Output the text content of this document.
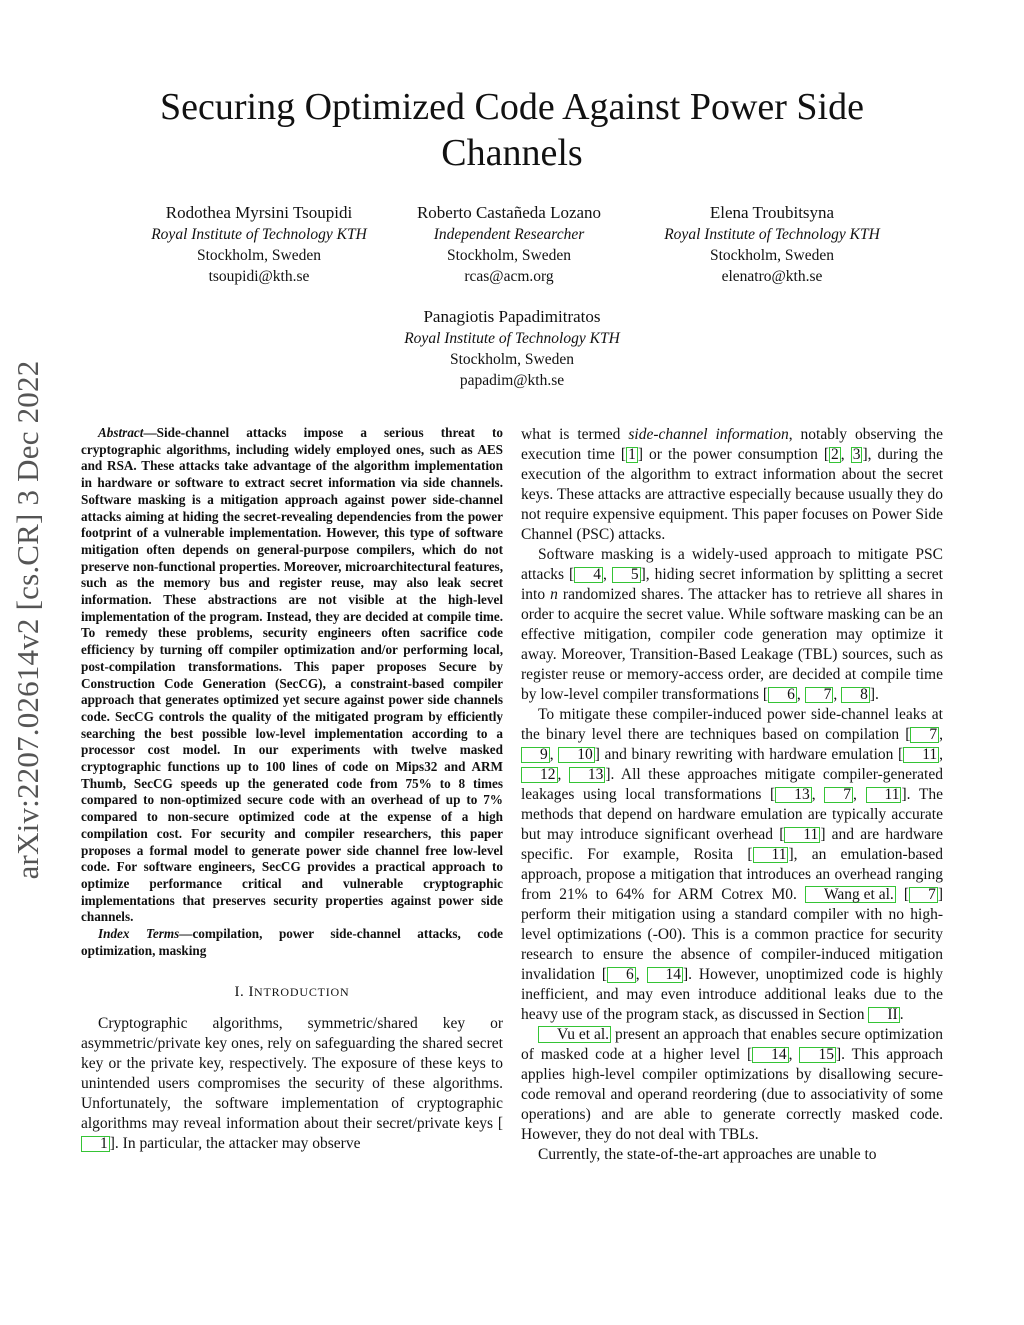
arXiv:2207.02614v2 [cs.CR] 3 Dec 2022
Securing Optimized Code Against Power Side Channels
Rodothea Myrsini Tsoupidi
Royal Institute of Technology KTH
Stockholm, Sweden
tsoupidi@kth.se
Roberto Castañeda Lozano
Independent Researcher
Stockholm, Sweden
rcas@acm.org
Elena Troubitsyna
Royal Institute of Technology KTH
Stockholm, Sweden
elenatro@kth.se
Panagiotis Papadimitratos
Royal Institute of Technology KTH
Stockholm, Sweden
papadim@kth.se

Abstract—Side-channel attacks impose a serious threat to cryptographic algorithms, including widely employed ones, such as AES and RSA. These attacks take advantage of the algorithm implementation in hardware or software to extract secret information via side channels. Software masking is a mitigation approach against power side-channel attacks aiming at hiding the secret-revealing dependencies from the power footprint of a vulnerable implementation. However, this type of software mitigation often depends on general-purpose compilers, which do not preserve non-functional properties. Moreover, microarchitectural features, such as the memory bus and register reuse, may also leak secret information. These abstractions are not visible at the high-level implementation of the program. Instead, they are decided at compile time. To remedy these problems, security engineers often sacrifice code efficiency by turning off compiler optimization and/or performing local, post-compilation transformations. This paper proposes Secure by Construction Code Generation (SecCG), a constraint-based compiler approach that generates optimized yet secure against power side channels code. SecCG controls the quality of the mitigated program by efficiently searching the best possible low-level implementation according to a processor cost model. In our experiments with twelve masked cryptographic functions up to 100 lines of code on Mips32 and ARM Thumb, SecCG speeds up the generated code from 75% to 8 times compared to non-optimized secure code with an overhead of up to 7% compared to non-secure optimized code at the expense of a high compilation cost. For security and compiler researchers, this paper proposes a formal model to generate power side channel free low-level code. For software engineers, SecCG provides a practical approach to optimize performance critical and vulnerable cryptographic implementations that preserves security properties against power side channels.

Index Terms—compilation, power side-channel attacks, code optimization, masking

I. INTRODUCTION

Cryptographic algorithms, symmetric/shared key or asymmetric/private key ones, rely on safeguarding the shared secret key or the private key, respectively. The exposure of these keys to unintended users compromises the security of these algorithms. Unfortunately, the software implementation of cryptographic algorithms may reveal information about their secret/private keys [1 ]. In particular, the attacker may observe

what is termed side-channel information, notably observing the execution time [ 1 ] or the power consumption [ 2 , 3 ], during the execution of the algorithm to extract information about the secret keys. These attacks are attractive especially because usually they do not require expensive equipment. This paper focuses on Power Side Channel (PSC) attacks.

Software masking is a widely-used approach to mitigate PSC attacks [ 4 , 5 ], hiding secret information by splitting a secret into n randomized shares. The attacker has to retrieve all shares in order to acquire the secret value. While software masking can be an effective mitigation, compiler code generation may optimize it away. Moreover, Transition-Based Leakage (TBL) sources, such as register reuse or memory-access order, are decided at compile time by low-level compiler transformations [ 6 , 7 , 8 ].

To mitigate these compiler-induced power side-channel leaks at the binary level there are techniques based on compilation [ 7 , 9 , 10 ] and binary rewriting with hardware emulation [ 11 , 12 , 13 ]. All these approaches mitigate compiler-generated leakages using local transformations [ 13 , 7 , 11 ]. The methods that depend on hardware emulation are typically accurate but may introduce significant overhead [ 11 ] and are hardware specific. For example, Rosita [ 11 ], an emulation-based approach, propose a mitigation that introduces an overhead ranging from 21% to 64% for ARM Cotrex M0. Wang et al. [ 7 ] perform their mitigation using a standard compiler with no high-level optimizations (-O0). This is a common practice for security research to ensure the absence of compiler-induced mitigation invalidation [ 6 , 14 ]. However, unoptimized code is highly inefficient, and may even introduce additional leaks due to the heavy use of the program stack, as discussed in Section II .

Vu et al. present an approach that enables secure optimization of masked code at a higher level [ 14 , 15 ]. This approach applies high-level compiler optimizations by disallowing secure-code removal and operand reordering (due to associativity of some operations) and are able to generate correctly masked code. However, they do not deal with TBLs.

Currently, the state-of-the-art approaches are unable to
